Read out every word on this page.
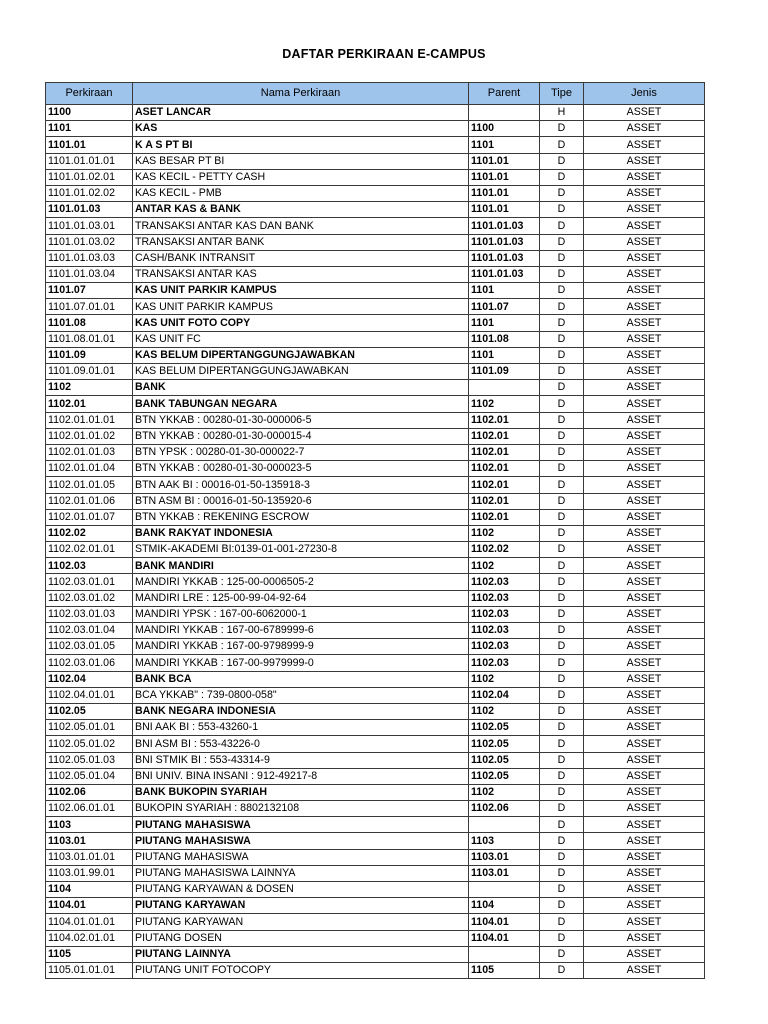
DAFTAR PERKIRAAN E-CAMPUS
Perkiraan	Nama Perkiraan	Parent	Tipe	Jenis
1100	ASET LANCAR		H	ASSET
1101	KAS	1100	D	ASSET
1101.01	K A S PT BI	1101	D	ASSET
1101.01.01.01	KAS BESAR PT BI	1101.01	D	ASSET
1101.01.02.01	KAS KECIL - PETTY CASH	1101.01	D	ASSET
1101.01.02.02	KAS KECIL - PMB	1101.01	D	ASSET
1101.01.03	ANTAR KAS & BANK	1101.01	D	ASSET
1101.01.03.01	TRANSAKSI ANTAR KAS DAN BANK	1101.01.03	D	ASSET
1101.01.03.02	TRANSAKSI ANTAR BANK	1101.01.03	D	ASSET
1101.01.03.03	CASH/BANK INTRANSIT	1101.01.03	D	ASSET
1101.01.03.04	TRANSAKSI ANTAR KAS	1101.01.03	D	ASSET
1101.07	KAS UNIT PARKIR KAMPUS	1101	D	ASSET
1101.07.01.01	KAS UNIT PARKIR KAMPUS	1101.07	D	ASSET
1101.08	KAS UNIT FOTO COPY	1101	D	ASSET
1101.08.01.01	KAS UNIT FC	1101.08	D	ASSET
1101.09	KAS BELUM DIPERTANGGUNGJAWABKAN	1101	D	ASSET
1101.09.01.01	KAS BELUM DIPERTANGGUNGJAWABKAN	1101.09	D	ASSET
1102	BANK		D	ASSET
1102.01	BANK TABUNGAN NEGARA	1102	D	ASSET
1102.01.01.01	BTN YKKAB : 00280-01-30-000006-5	1102.01	D	ASSET
1102.01.01.02	BTN YKKAB : 00280-01-30-000015-4	1102.01	D	ASSET
1102.01.01.03	BTN YPSK : 00280-01-30-000022-7	1102.01	D	ASSET
1102.01.01.04	BTN YKKAB : 00280-01-30-000023-5	1102.01	D	ASSET
1102.01.01.05	BTN AAK BI : 00016-01-50-135918-3	1102.01	D	ASSET
1102.01.01.06	BTN ASM BI : 00016-01-50-135920-6	1102.01	D	ASSET
1102.01.01.07	BTN YKKAB : REKENING ESCROW	1102.01	D	ASSET
1102.02	BANK RAKYAT INDONESIA	1102	D	ASSET
1102.02.01.01	STMIK-AKADEMI BI:0139-01-001-27230-8	1102.02	D	ASSET
1102.03	BANK MANDIRI	1102	D	ASSET
1102.03.01.01	MANDIRI YKKAB : 125-00-0006505-2	1102.03	D	ASSET
1102.03.01.02	MANDIRI LRE : 125-00-99-04-92-64	1102.03	D	ASSET
1102.03.01.03	MANDIRI YPSK : 167-00-6062000-1	1102.03	D	ASSET
1102.03.01.04	MANDIRI YKKAB : 167-00-6789999-6	1102.03	D	ASSET
1102.03.01.05	MANDIRI YKKAB : 167-00-9798999-9	1102.03	D	ASSET
1102.03.01.06	MANDIRI YKKAB : 167-00-9979999-0	1102.03	D	ASSET
1102.04	BANK BCA	1102	D	ASSET
1102.04.01.01	BCA YKKAB" : 739-0800-058"	1102.04	D	ASSET
1102.05	BANK NEGARA INDONESIA	1102	D	ASSET
1102.05.01.01	BNI AAK BI : 553-43260-1	1102.05	D	ASSET
1102.05.01.02	BNI ASM BI : 553-43226-0	1102.05	D	ASSET
1102.05.01.03	BNI STMIK BI : 553-43314-9	1102.05	D	ASSET
1102.05.01.04	BNI UNIV. BINA INSANI : 912-49217-8	1102.05	D	ASSET
1102.06	BANK BUKOPIN SYARIAH	1102	D	ASSET
1102.06.01.01	BUKOPIN SYARIAH : 8802132108	1102.06	D	ASSET
1103	PIUTANG MAHASISWA		D	ASSET
1103.01	PIUTANG MAHASISWA	1103	D	ASSET
1103.01.01.01	PIUTANG MAHASISWA	1103.01	D	ASSET
1103.01.99.01	PIUTANG MAHASISWA LAINNYA	1103.01	D	ASSET
1104	PIUTANG KARYAWAN & DOSEN		D	ASSET
1104.01	PIUTANG KARYAWAN	1104	D	ASSET
1104.01.01.01	PIUTANG KARYAWAN	1104.01	D	ASSET
1104.02.01.01	PIUTANG DOSEN	1104.01	D	ASSET
1105	PIUTANG LAINNYA		D	ASSET
1105.01.01.01	PIUTANG UNIT FOTOCOPY	1105	D	ASSET
